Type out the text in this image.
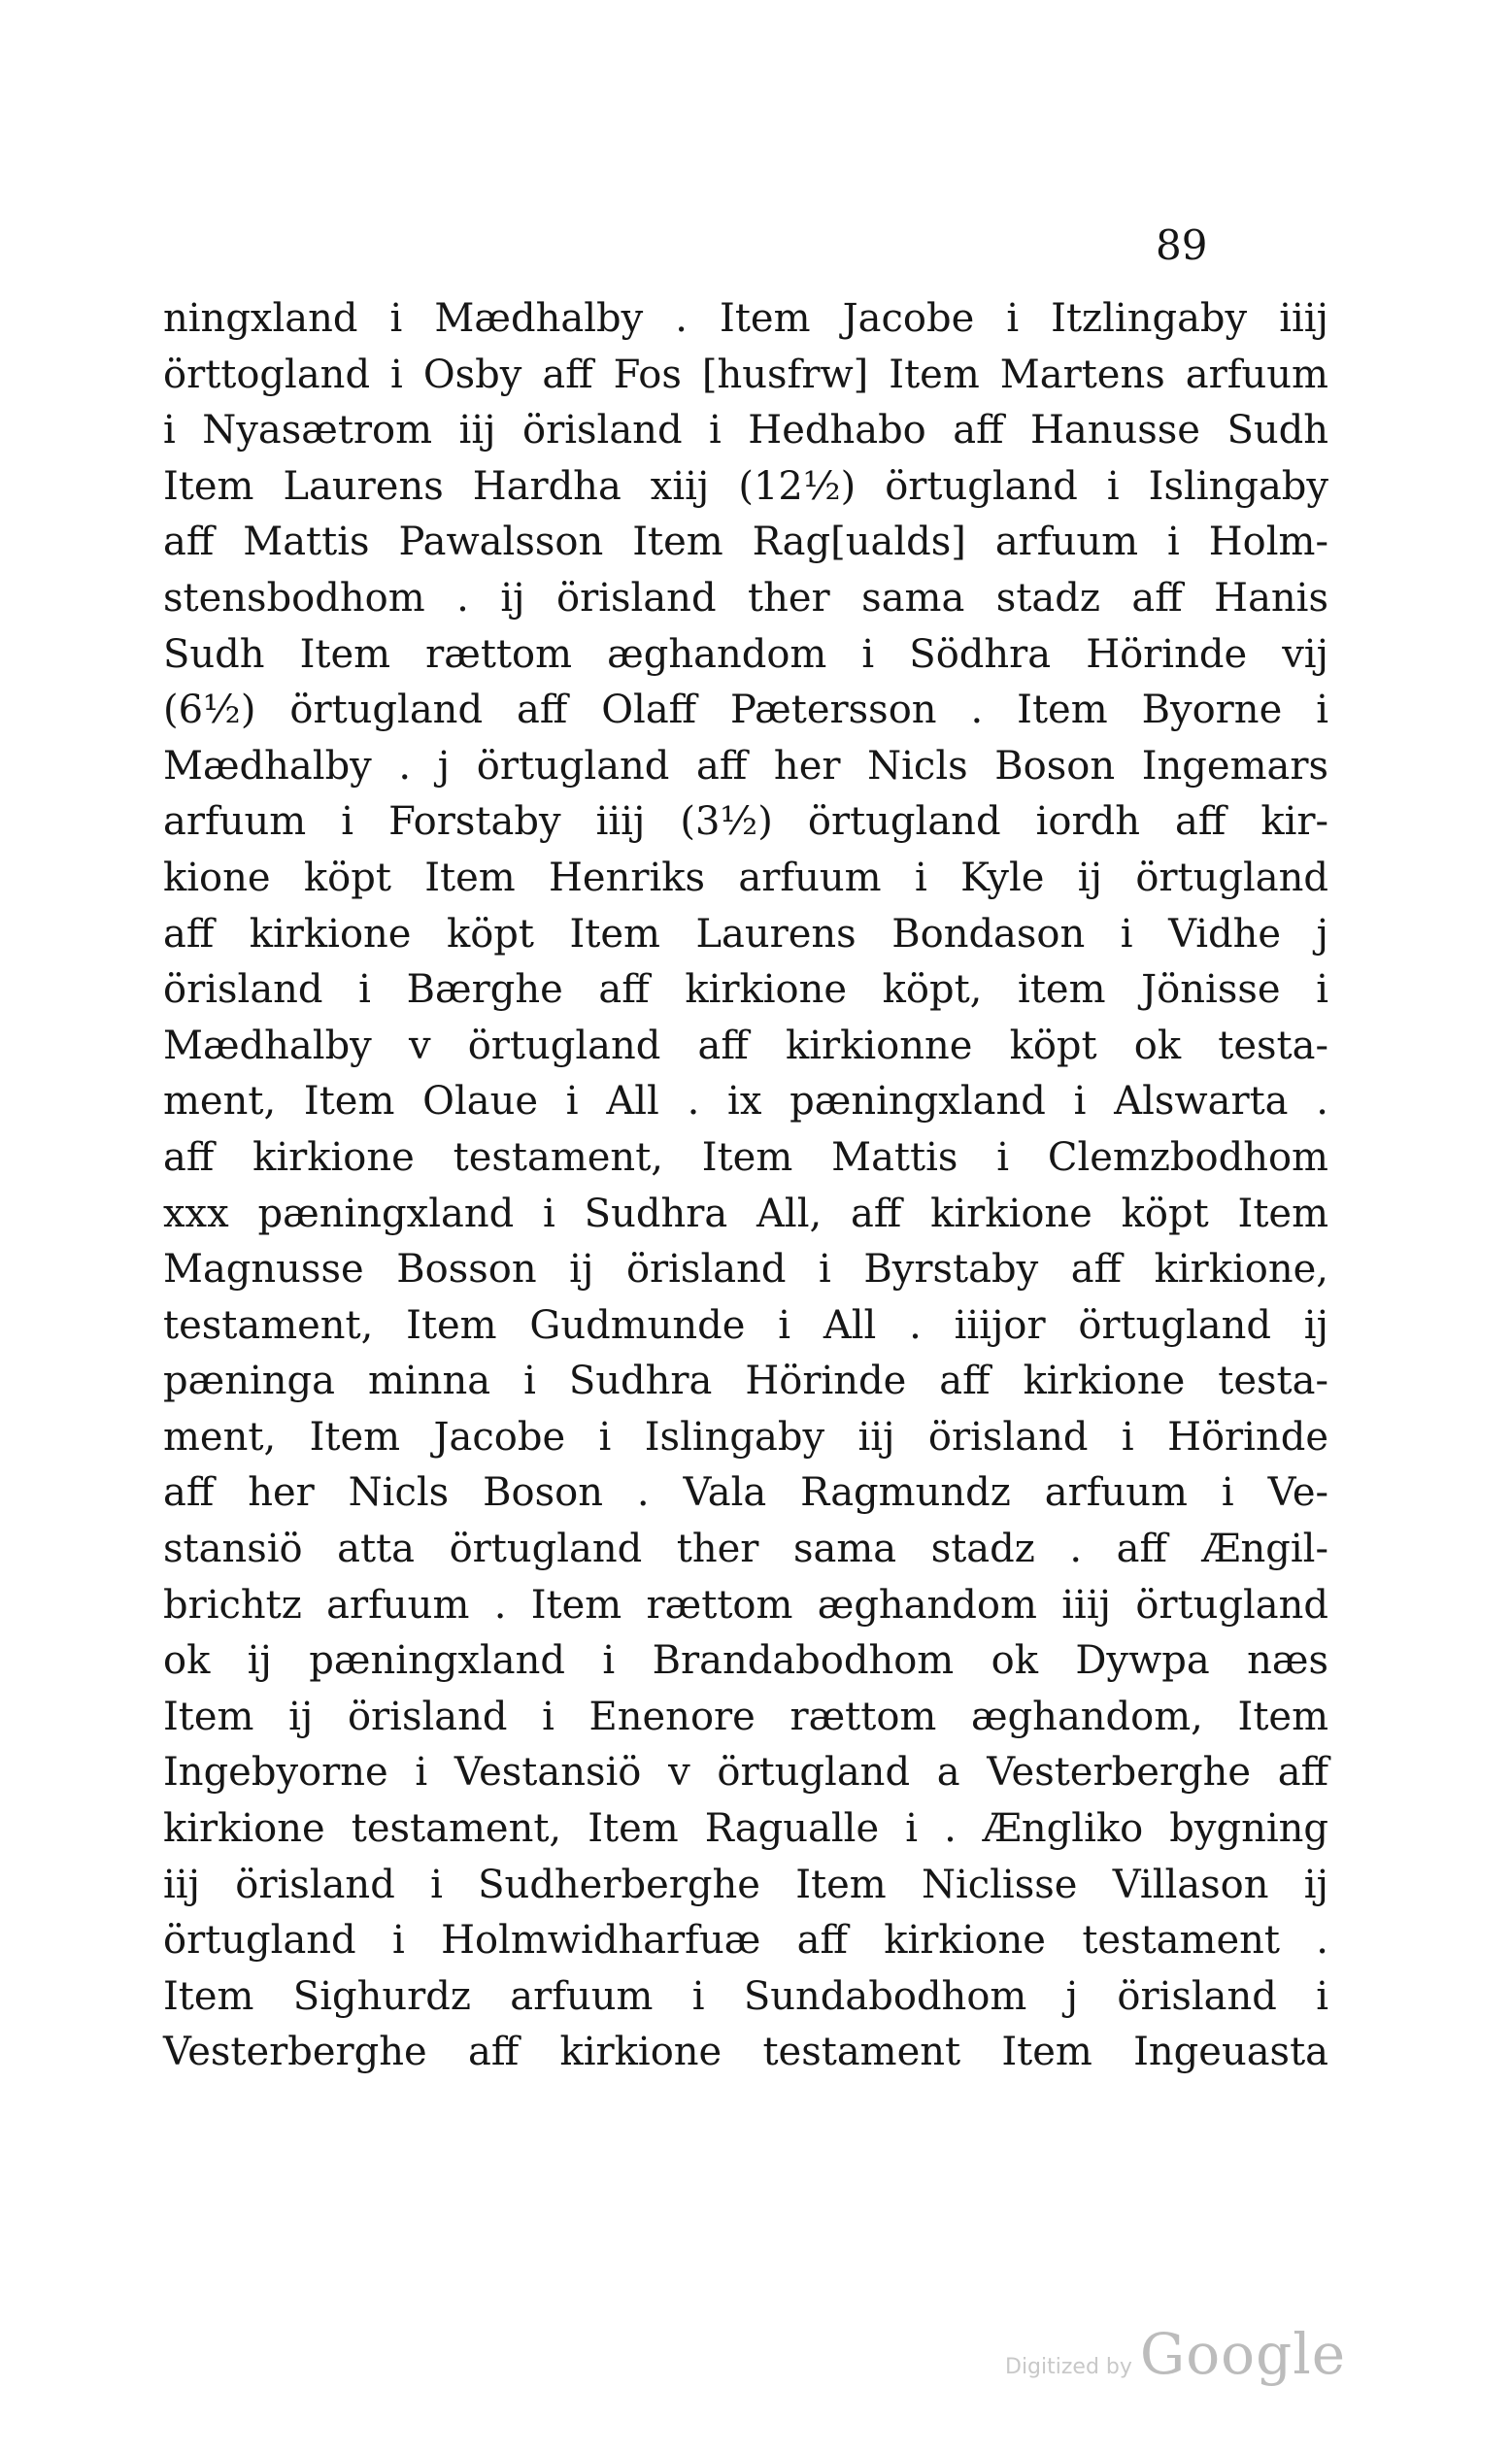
89
ningxland i Mædhalby . Item Jacobe i Itzlingaby iiij
örttogland i Osby aff Fos [husfrw] Item Martens arfuum
i Nyasætrom iij örisland i Hedhabo aff Hanusse Sudh
Item Laurens Hardha xiij (12½) örtugland i Islingaby
aff Mattis Pawalsson Item Rag[ualds] arfuum i Holm-
stensbodhom . ij örisland ther sama stadz aff Hanis
Sudh Item rættom æghandom i Södhra Hörinde vij
(6½) örtugland aff Olaff Pætersson . Item Byorne i
Mædhalby . j örtugland aff her Nicls Boson Ingemars
arfuum i Forstaby iiij (3½) örtugland iordh aff kir-
kione köpt Item Henriks arfuum i Kyle ij örtugland
aff kirkione köpt Item Laurens Bondason i Vidhe j
örisland i Bærghe aff kirkione köpt, item Jönisse i
Mædhalby v örtugland aff kirkionne köpt ok testa-
ment, Item Olaue i All . ix pæningxland i Alswarta .
aff kirkione testament, Item Mattis i Clemzbodhom
xxx pæningxland i Sudhra All, aff kirkione köpt Item
Magnusse Bosson ij örisland i Byrstaby aff kirkione,
testament, Item Gudmunde i All . iiijor örtugland ij
pæninga minna i Sudhra Hörinde aff kirkione testa-
ment, Item Jacobe i Islingaby iij örisland i Hörinde
aff her Nicls Boson . Vala Ragmundz arfuum i Ve-
stansiö atta örtugland ther sama stadz . aff Ængil-
brichtz arfuum . Item rættom æghandom iiij örtugland
ok ij pæningxland i Brandabodhom ok Dywpa næs
Item ij örisland i Enenore rættom æghandom, Item
Ingebyorne i Vestansiö v örtugland a Vesterberghe aff
kirkione testament, Item Ragualle i . Ængliko bygning
iij örisland i Sudherberghe Item Niclisse Villason ij
örtugland i Holmwidharfuæ aff kirkione testament .
Item Sighurdz arfuum i Sundabodhom j örisland i
Vesterberghe aff kirkione testament Item Ingeuasta
Digitized by Google
